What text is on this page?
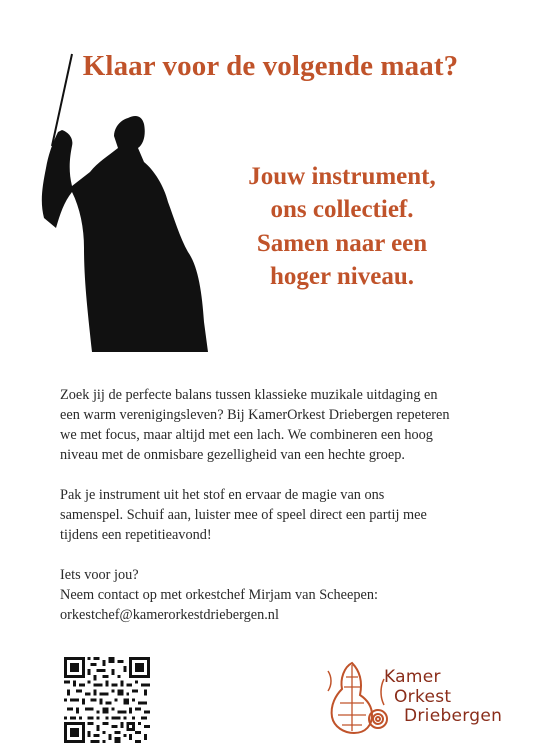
Klaar voor de volgende maat?
Jouw instrument,
ons collectief.
Samen naar een
hoger niveau.

Zoek jij de perfecte balans tussen klassieke muzikale uitdaging en
een warm verenigingsleven? Bij KamerOrkest Driebergen repeteren
we met focus, maar altijd met een lach. We combineren een hoog
niveau met de onmisbare gezelligheid van een hechte groep.

Pak je instrument uit het stof en ervaar de magie van ons
samenspel. Schuif aan, luister mee of speel direct een partij mee
tijdens een repetitieavond!

Iets voor jou?
Neem contact op met orkestchef Mirjam van Scheepen:
orkestchef@kamerorkestdriebergen.nl

Kamer
Orkest
Driebergen
